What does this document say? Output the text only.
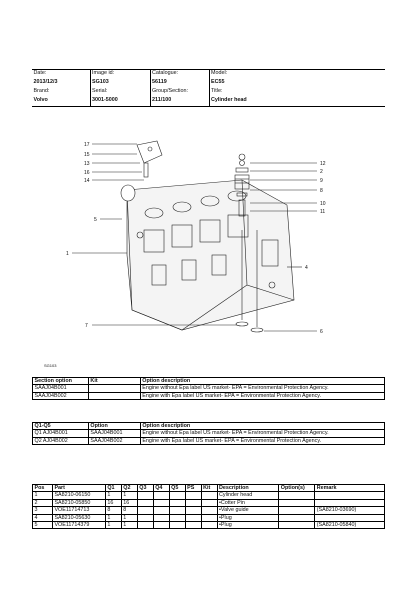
Date:	Image id:	Catalogue:	Model:
2013/12/3	SG103	56119	EC55
Brand:	Serial:	Group/Section:	Title:
Volvo	3001-5000	211/100	Cylinder head
17
15
13
16
14
5
1
7
12
2
9
8
10
11
4
6
SG103
Section option	Kit	Option description
SAAJ04B001		Engine without Epa label US market- EPA = Environmental Protection Agency.
SAAJ04B002		Engine with Epa label US market- EPA = Environmental Protection Agency.
Q1-Q5	Option	Option description
Q1 AJ04B001	SAAJ04B001	Engine without Epa label US market- EPA = Environmental Protection Agency.
Q2 AJ04B002	SAAJ04B002	Engine with Epa label US market- EPA = Environmental Protection Agency.
Pos	Part	Q1	Q2	Q3	Q4	Q5	PS	Kit	Description	Option(s)	Remark
1	SA8210-06150	1	1						Cylinder head		
2	SA8210-05850	16	16						•Cotter Pin		
3	VOE11714713	8	8						•Valve guide		(SA8210-03690)
4	SA8210-05630	1	1						•Plug		
5	VOE11714379	1	1						•Plug		(SA8210-05840)
